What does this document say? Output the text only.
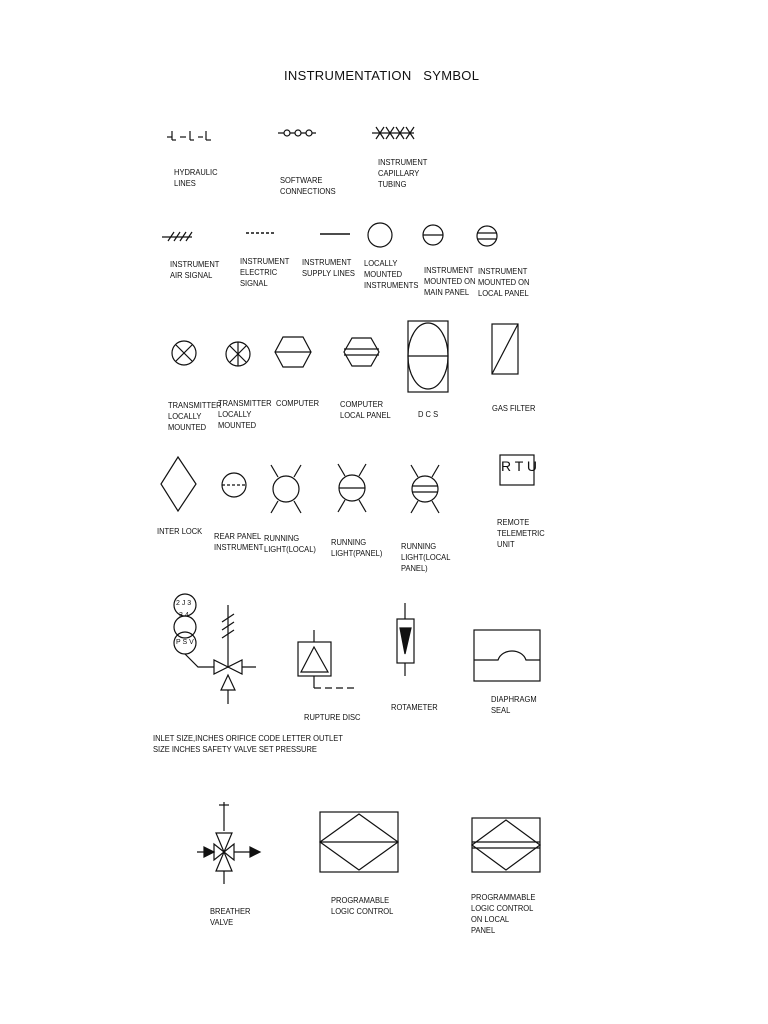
INSTRUMENTATION   SYMBOL
R T U
2 J 3
3 4
P S V
HYDRAULIC
LINES	SOFTWARE
CONNECTIONS
INSTRUMENT
CAPILLARY
TUBING
INSTRUMENT
AIR SIGNAL
INSTRUMENT
ELECTRIC
SIGNAL
INSTRUMENT
SUPPLY LINES
LOCALLY
MOUNTED
INSTRUMENTS
INSTRUMENT
MOUNTED ON
MAIN PANEL
INSTRUMENT
MOUNTED ON
LOCAL PANEL
TRANSMITTER
LOCALLY
MOUNTED
TRANSMITTER
LOCALLY
MOUNTED
COMPUTER	COMPUTER
LOCAL PANEL	D C S
GAS FILTER
INTER LOCK
REAR PANEL
INSTRUMENT
RUNNING
LIGHT(LOCAL)
RUNNING
LIGHT(PANEL)
RUNNING
LIGHT(LOCAL
PANEL)
REMOTE
TELEMETRIC
UNIT
RUPTURE DISC
ROTAMETER
DIAPHRAGM
SEAL
INLET SIZE,INCHES ORIFICE CODE LETTER OUTLET
SIZE INCHES SAFETY VALVE SET PRESSURE
BREATHER
VALVE
PROGRAMABLE
LOGIC CONTROL
PROGRAMMABLE
LOGIC CONTROL
ON LOCAL
PANEL
